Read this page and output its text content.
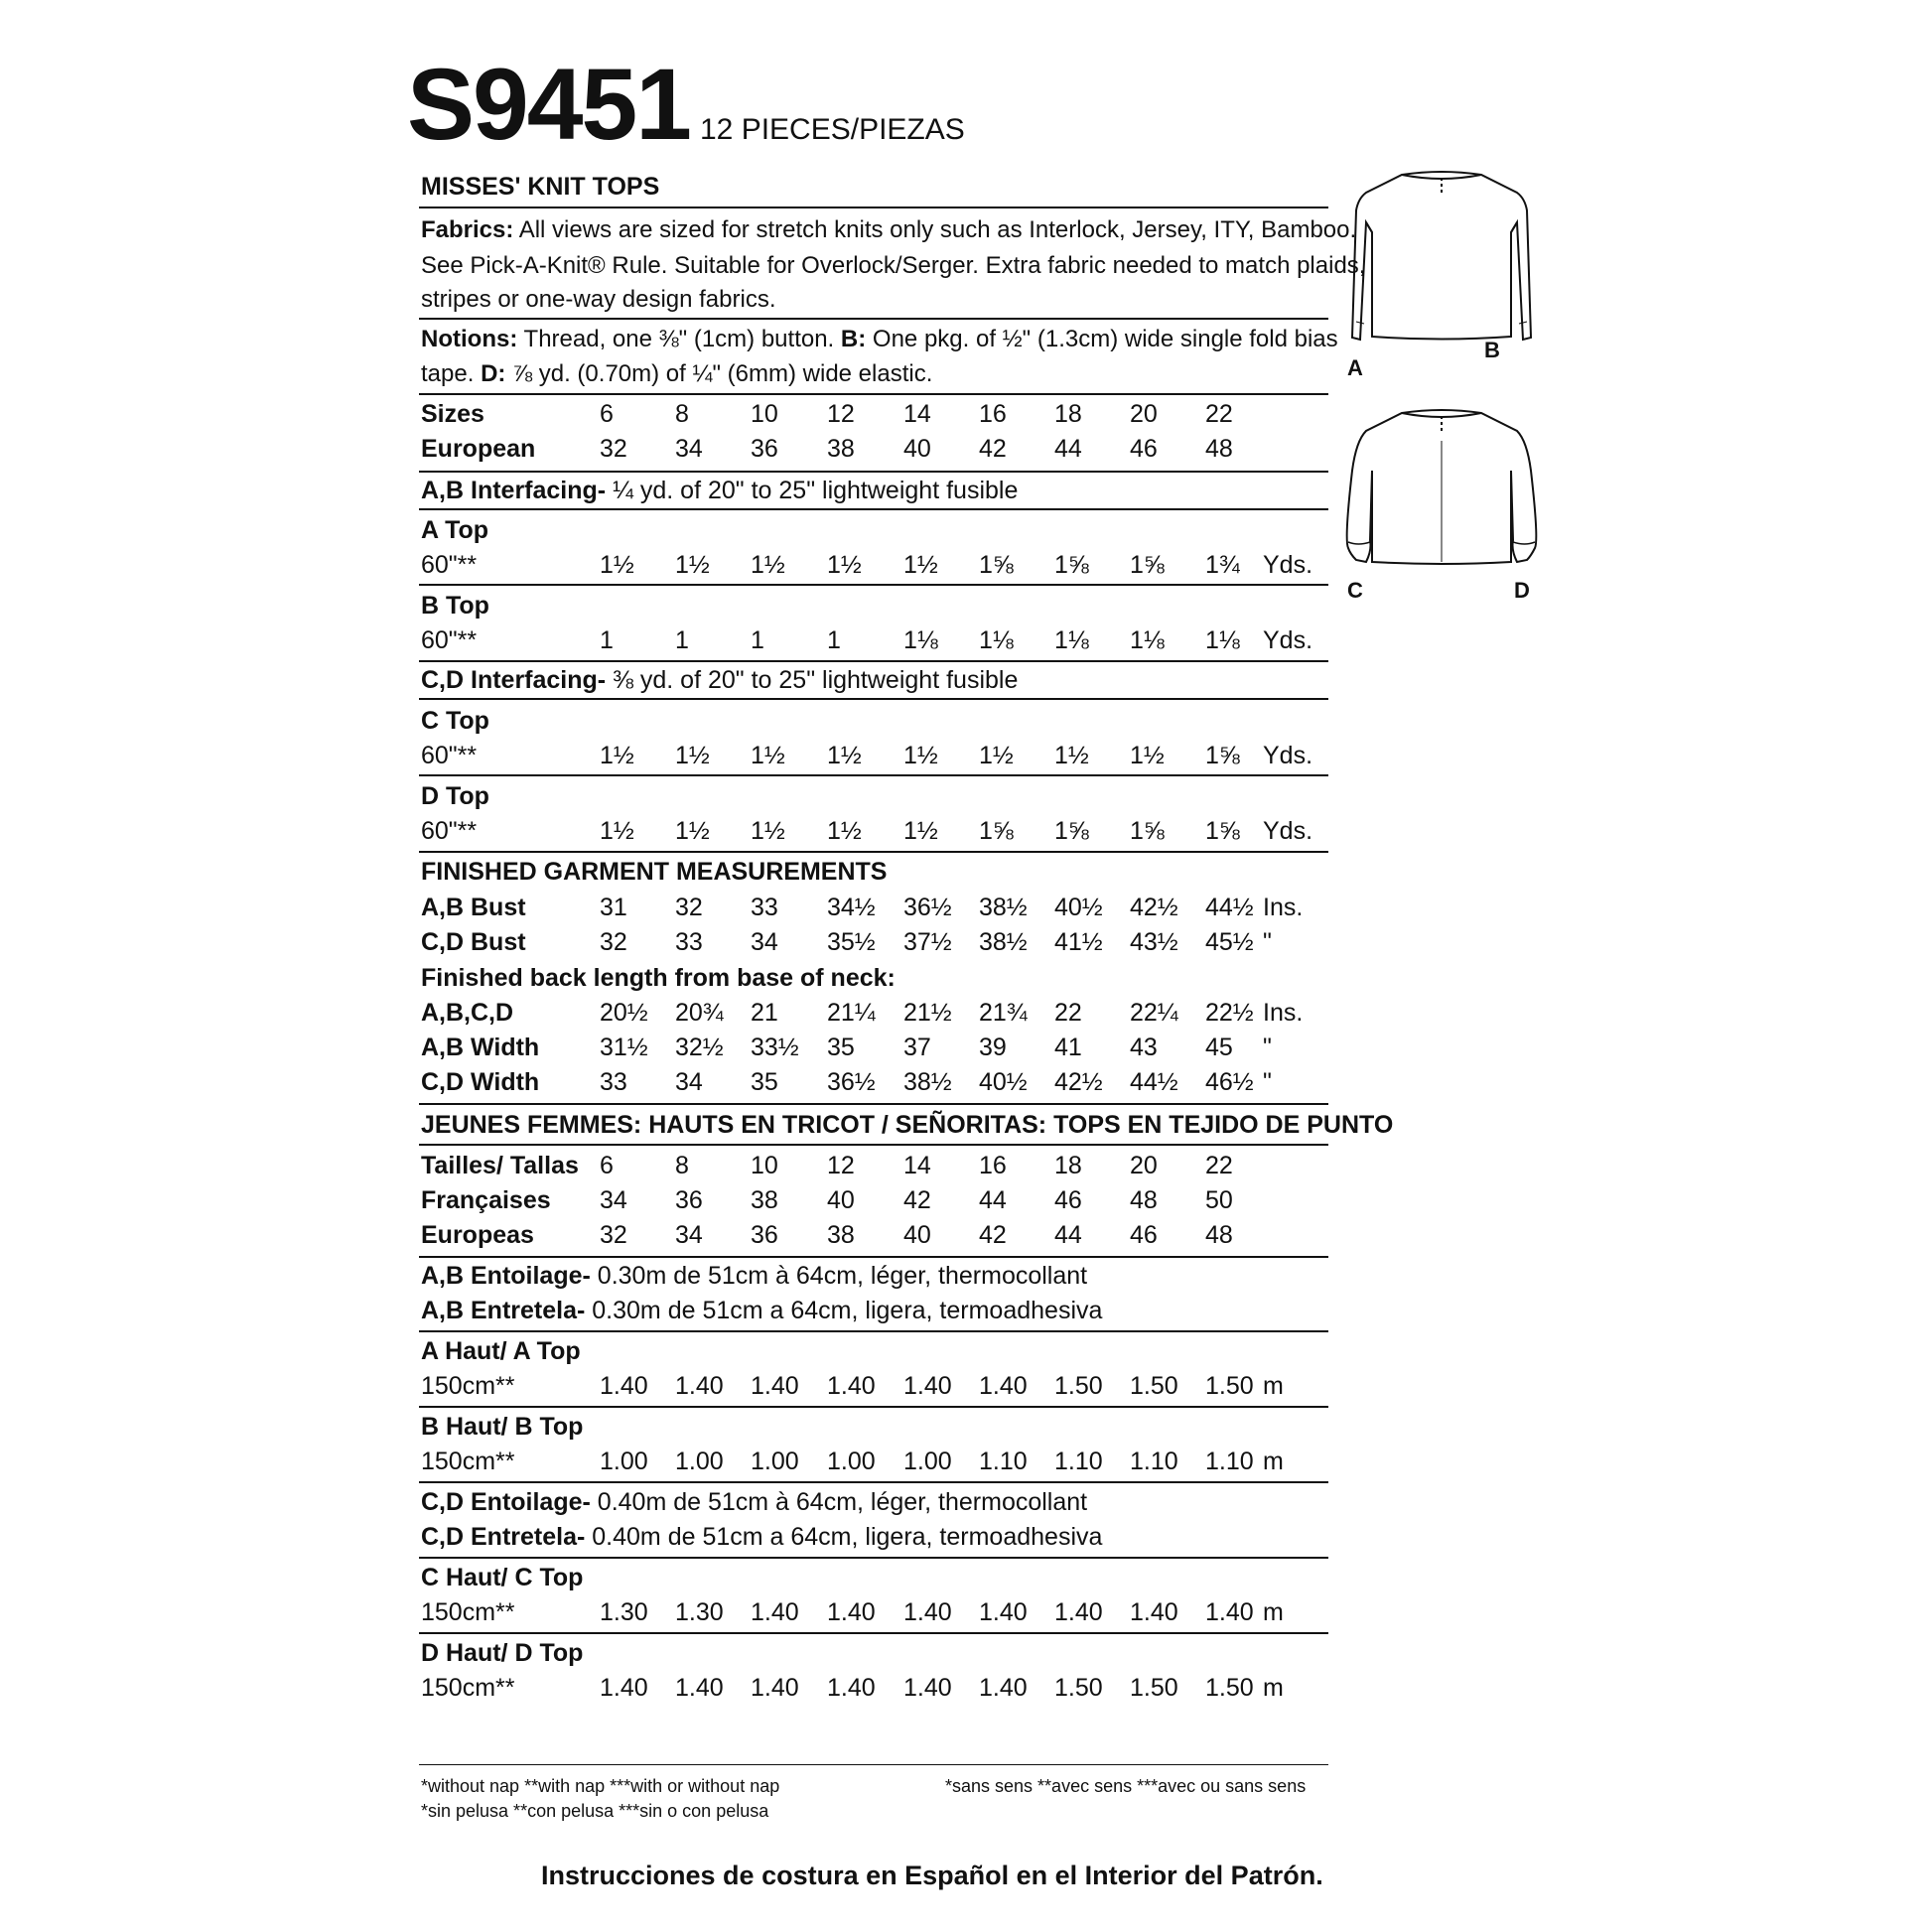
S9451 12 PIECES/PIEZAS
MISSES' KNIT TOPS
Fabrics: All views are sized for stretch knits only such as Interlock, Jersey, ITY, Bamboo.
See Pick-A-Knit® Rule. Suitable for Overlock/Serger. Extra fabric needed to match plaids,
stripes or one-way design fabrics.
Notions: Thread, one ⅜" (1cm) button. B: One pkg. of ½" (1.3cm) wide single fold bias
tape. D: ⅞ yd. (0.70m) of ¼" (6mm) wide elastic.
Sizes	6 8 10 12 14 16 18 20 22
European	32 34 36 38 40 42 44 46 48
A,B Interfacing- ¼ yd. of 20" to 25" lightweight fusible
A Top
60"**	1½ 1½ 1½ 1½ 1½ 1⅝ 1⅝ 1⅝ 1¾ Yds.
B Top
60"**	1 1 1	1	1⅛ 1⅛ 1⅛ 1⅛ 1⅛ Yds.
C,D Interfacing- ⅜ yd. of 20" to 25" lightweight fusible
C Top
60"**	1½ 1½ 1½ 1½ 1½ 1½ 1½ 1½ 1⅝ Yds.
D Top
60"**	1½ 1½ 1½ 1½ 1½ 1⅝ 1⅝ 1⅝ 1⅝ Yds.
FINISHED GARMENT MEASUREMENTS
A,B Bust	31 32 33 34½ 36½ 38½ 40½ 42½ 44½ Ins.
C,D Bust	32 33 34 35½ 37½ 38½ 41½ 43½ 45½ "
Finished back length from base of neck:
A,B,C,D	20½ 20¾ 21 21¼ 21½ 21¾ 22 22¼ 22½ Ins.
A,B Width 31½ 32½ 33½ 35 37 39 41 43 45 "
C,D Width 33 34 35 36½ 38½ 40½ 42½ 44½ 46½ "
JEUNES FEMMES: HAUTS EN TRICOT / SEÑORITAS: TOPS EN TEJIDO DE PUNTO
Tailles/ Tallas 6 8 10 12 14 16 18 20 22
Françaises 34 36 38 40 42 44 46 48 50
Europeas	32 34 36 38 40 42 44 46 48
A,B Entoilage- 0.30m de 51cm à 64cm, léger, thermocollant
A,B Entretela- 0.30m de 51cm a 64cm, ligera, termoadhesiva
A Haut/ A Top
150cm**	1.40 1.40 1.40 1.40 1.40 1.40 1.50 1.50 1.50 m
B Haut/ B Top
150cm**	1.00 1.00 1.00 1.00 1.00 1.10 1.10 1.10 1.10 m
C,D Entoilage- 0.40m de 51cm à 64cm, léger, thermocollant
C,D Entretela- 0.40m de 51cm a 64cm, ligera, termoadhesiva
C Haut/ C Top
150cm**	1.30 1.30 1.40 1.40 1.40 1.40 1.40 1.40 1.40 m
D Haut/ D Top
150cm**	1.40 1.40 1.40 1.40 1.40 1.40 1.50 1.50 1.50 m
*without nap **with nap ***with or without nap
*sin pelusa **con pelusa ***sin o con pelusa
*sans sens **avec sens ***avec ou sans sens
Instrucciones de costura en Español en el Interior del Patrón.
A
B
C	D
